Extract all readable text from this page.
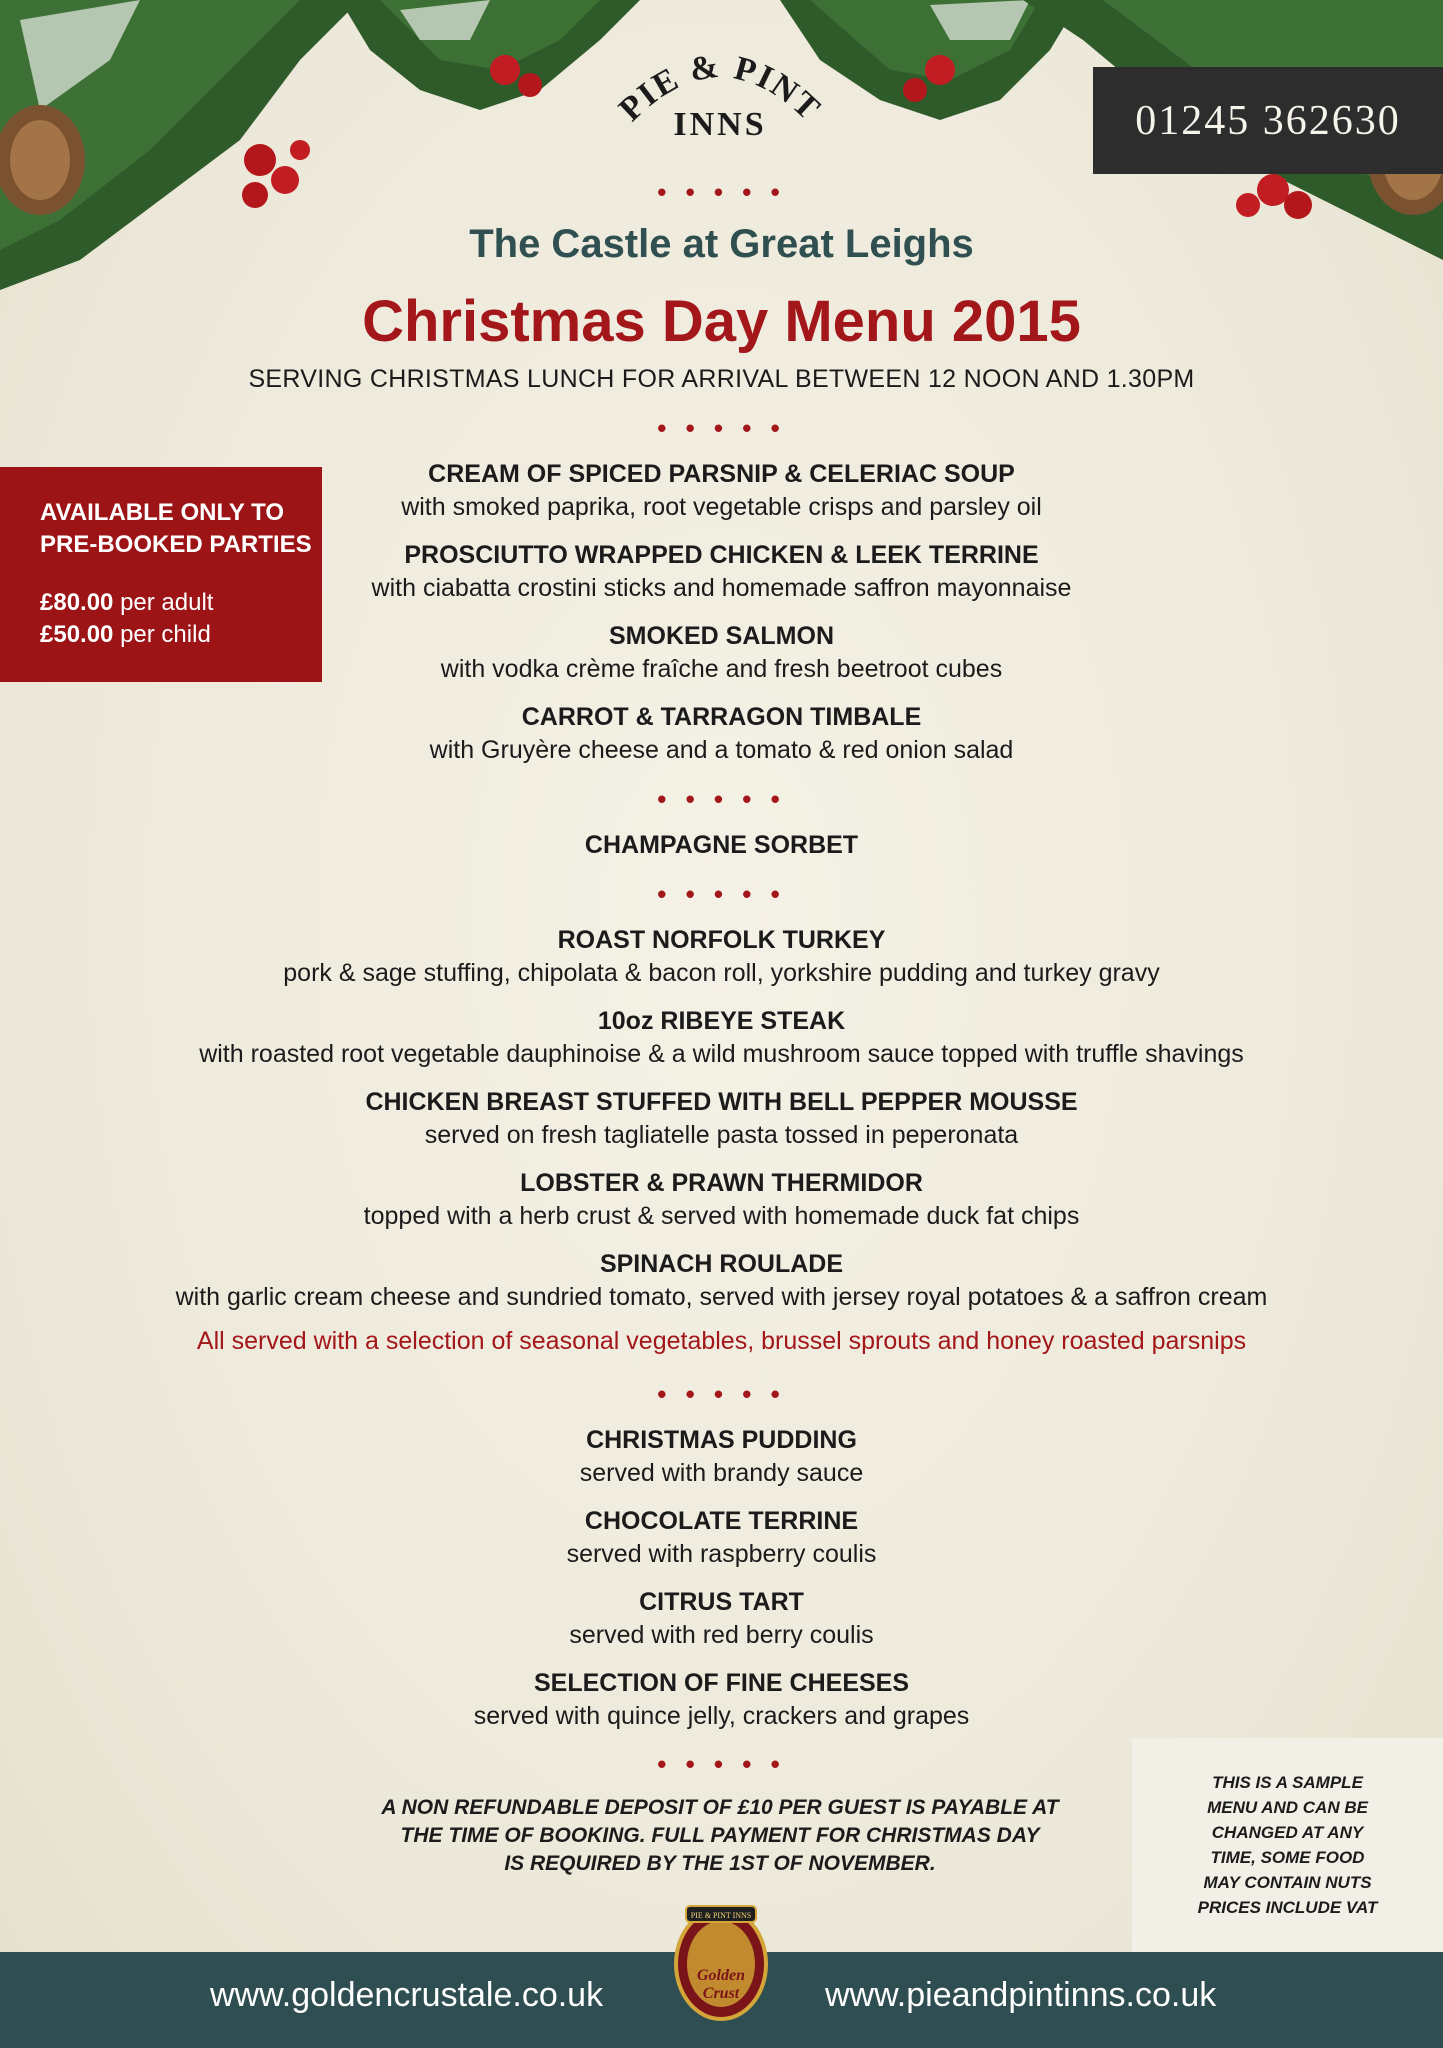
PIE & PINT
INNS	01245 362630
• • • • •
The Castle at Great Leighs
Christmas Day Menu 2015
SERVING CHRISTMAS LUNCH FOR ARRIVAL BETWEEN 12 NOON AND 1.30PM
• • • • •
AVAILABLE ONLY TO
PRE-BOOKED PARTIES
£80.00 per adult
£50.00 per child
CREAM OF SPICED PARSNIP & CELERIAC SOUP
with smoked paprika, root vegetable crisps and parsley oil
PROSCIUTTO WRAPPED CHICKEN & LEEK TERRINE
with ciabatta crostini sticks and homemade saffron mayonnaise
SMOKED SALMON
with vodka crème fraîche and fresh beetroot cubes
CARROT & TARRAGON TIMBALE
with Gruyère cheese and a tomato & red onion salad
• • • • •
CHAMPAGNE SORBET
• • • • •
ROAST NORFOLK TURKEY
pork & sage stuffing, chipolata & bacon roll, yorkshire pudding and turkey gravy
10oz RIBEYE STEAK
with roasted root vegetable dauphinoise & a wild mushroom sauce topped with truffle shavings
CHICKEN BREAST STUFFED WITH BELL PEPPER MOUSSE
served on fresh tagliatelle pasta tossed in peperonata
LOBSTER & PRAWN THERMIDOR
topped with a herb crust & served with homemade duck fat chips
SPINACH ROULADE
with garlic cream cheese and sundried tomato, served with jersey royal potatoes & a saffron cream
All served with a selection of seasonal vegetables, brussel sprouts and honey roasted parsnips
• • • • •
CHRISTMAS PUDDING
served with brandy sauce
CHOCOLATE TERRINE
served with raspberry coulis
CITRUS TART
served with red berry coulis
SELECTION OF FINE CHEESES
served with quince jelly, crackers and grapes
• • • • •
A NON REFUNDABLE DEPOSIT OF £10 PER GUEST IS PAYABLE AT
THE TIME OF BOOKING. FULL PAYMENT FOR CHRISTMAS DAY
IS REQUIRED BY THE 1ST OF NOVEMBER.
THIS IS A SAMPLE
MENU AND CAN BE
CHANGED AT ANY
TIME, SOME FOOD
MAY CONTAIN NUTS
PRICES INCLUDE VAT
www.goldencrustale.co.uk	www.pieandpintinns.co.uk
PIE & PINT INNS
Golden
Crust
